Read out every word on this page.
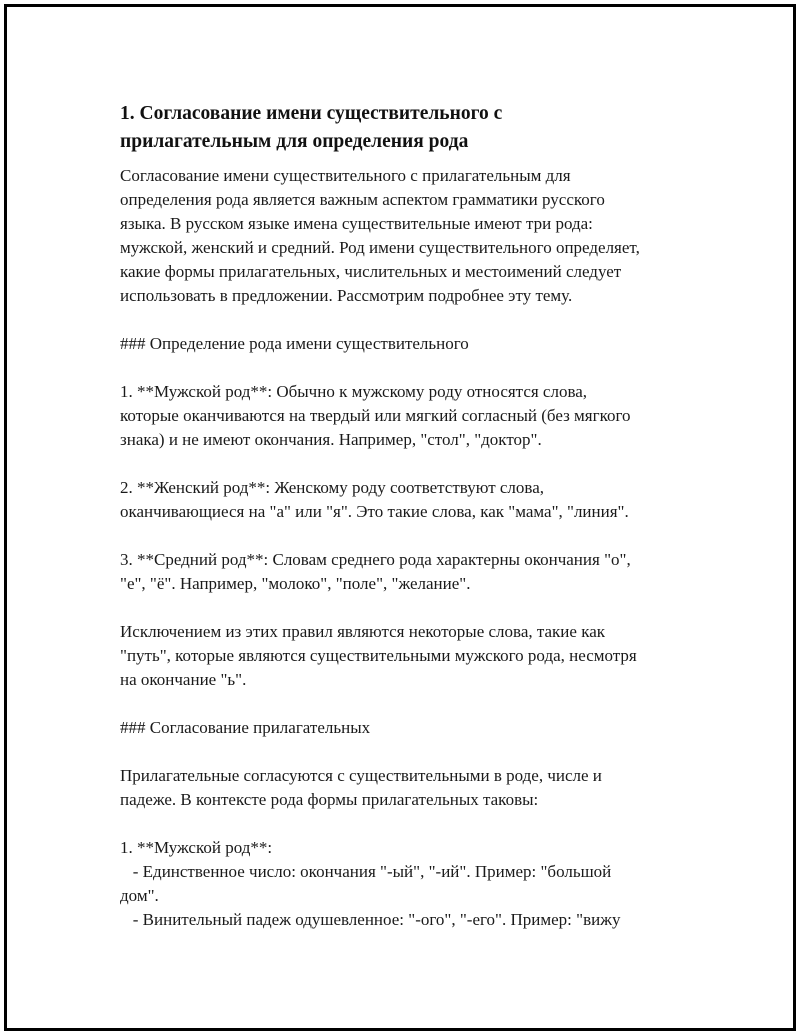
1. Согласование имени существительного с
прилагательным для определения рода

Согласование имени существительного с прилагательным для
определения рода является важным аспектом грамматики русского
языка. В русском языке имена существительные имеют три рода:
мужской, женский и средний. Род имени существительного определяет,
какие формы прилагательных, числительных и местоимений следует
использовать в предложении. Рассмотрим подробнее эту тему.

### Определение рода имени существительного

1. **Мужской род**: Обычно к мужскому роду относятся слова,
которые оканчиваются на твердый или мягкий согласный (без мягкого
знака) и не имеют окончания. Например, "стол", "доктор".

2. **Женский род**: Женскому роду соответствуют слова,
оканчивающиеся на "а" или "я". Это такие слова, как "мама", "линия".

3. **Средний род**: Словам среднего рода характерны окончания "о",
"е", "ё". Например, "молоко", "поле", "желание".

Исключением из этих правил являются некоторые слова, такие как
"путь", которые являются существительными мужского рода, несмотря
на окончание "ь".

### Согласование прилагательных

Прилагательные согласуются с существительными в роде, числе и
падеже. В контексте рода формы прилагательных таковы:

1. **Мужской род**:
- Единственное число: окончания "-ый", "-ий". Пример: "большой
дом".
- Винительный падеж одушевленное: "-ого", "-его". Пример: "вижу
